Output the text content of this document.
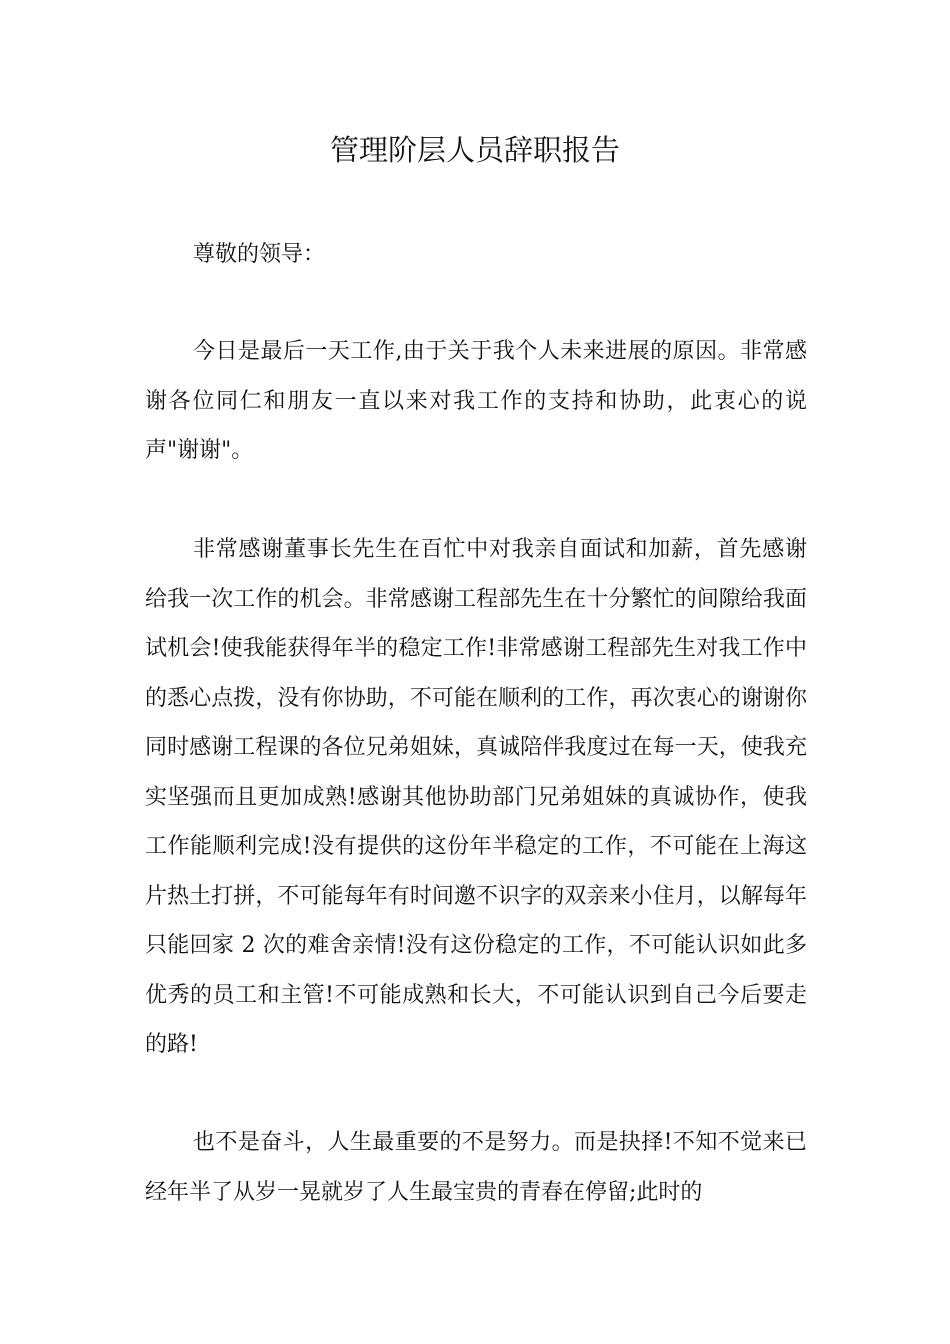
管理阶层人员辞职报告

尊敬的领导：

今日是最后一天工作,由于关于我个人未来进展的原因。非常感谢各位同仁和朋友一直以来对我工作的支持和协助，此衷心的说声"谢谢"。

非常感谢董事长先生在百忙中对我亲自面试和加薪，首先感谢给我一次工作的机会。非常感谢工程部先生在十分繁忙的间隙给我面试机会!使我能获得年半的稳定工作!非常感谢工程部先生对我工作中的悉心点拨，没有你协助，不可能在顺利的工作，再次衷心的谢谢你同时感谢工程课的各位兄弟姐妹，真诚陪伴我度过在每一天，使我充实坚强而且更加成熟!感谢其他协助部门兄弟姐妹的真诚协作，使我工作能顺利完成!没有提供的这份年半稳定的工作，不可能在上海这片热土打拼，不可能每年有时间邀不识字的双亲来小住月，以解每年只能回家 2 次的难舍亲情!没有这份稳定的工作，不可能认识如此多优秀的员工和主管!不可能成熟和长大，不可能认识到自己今后要走的路!

也不是奋斗，人生最重要的不是努力。而是抉择!不知不觉来已经年半了从岁一晃就岁了人生最宝贵的青春在停留;此时的
